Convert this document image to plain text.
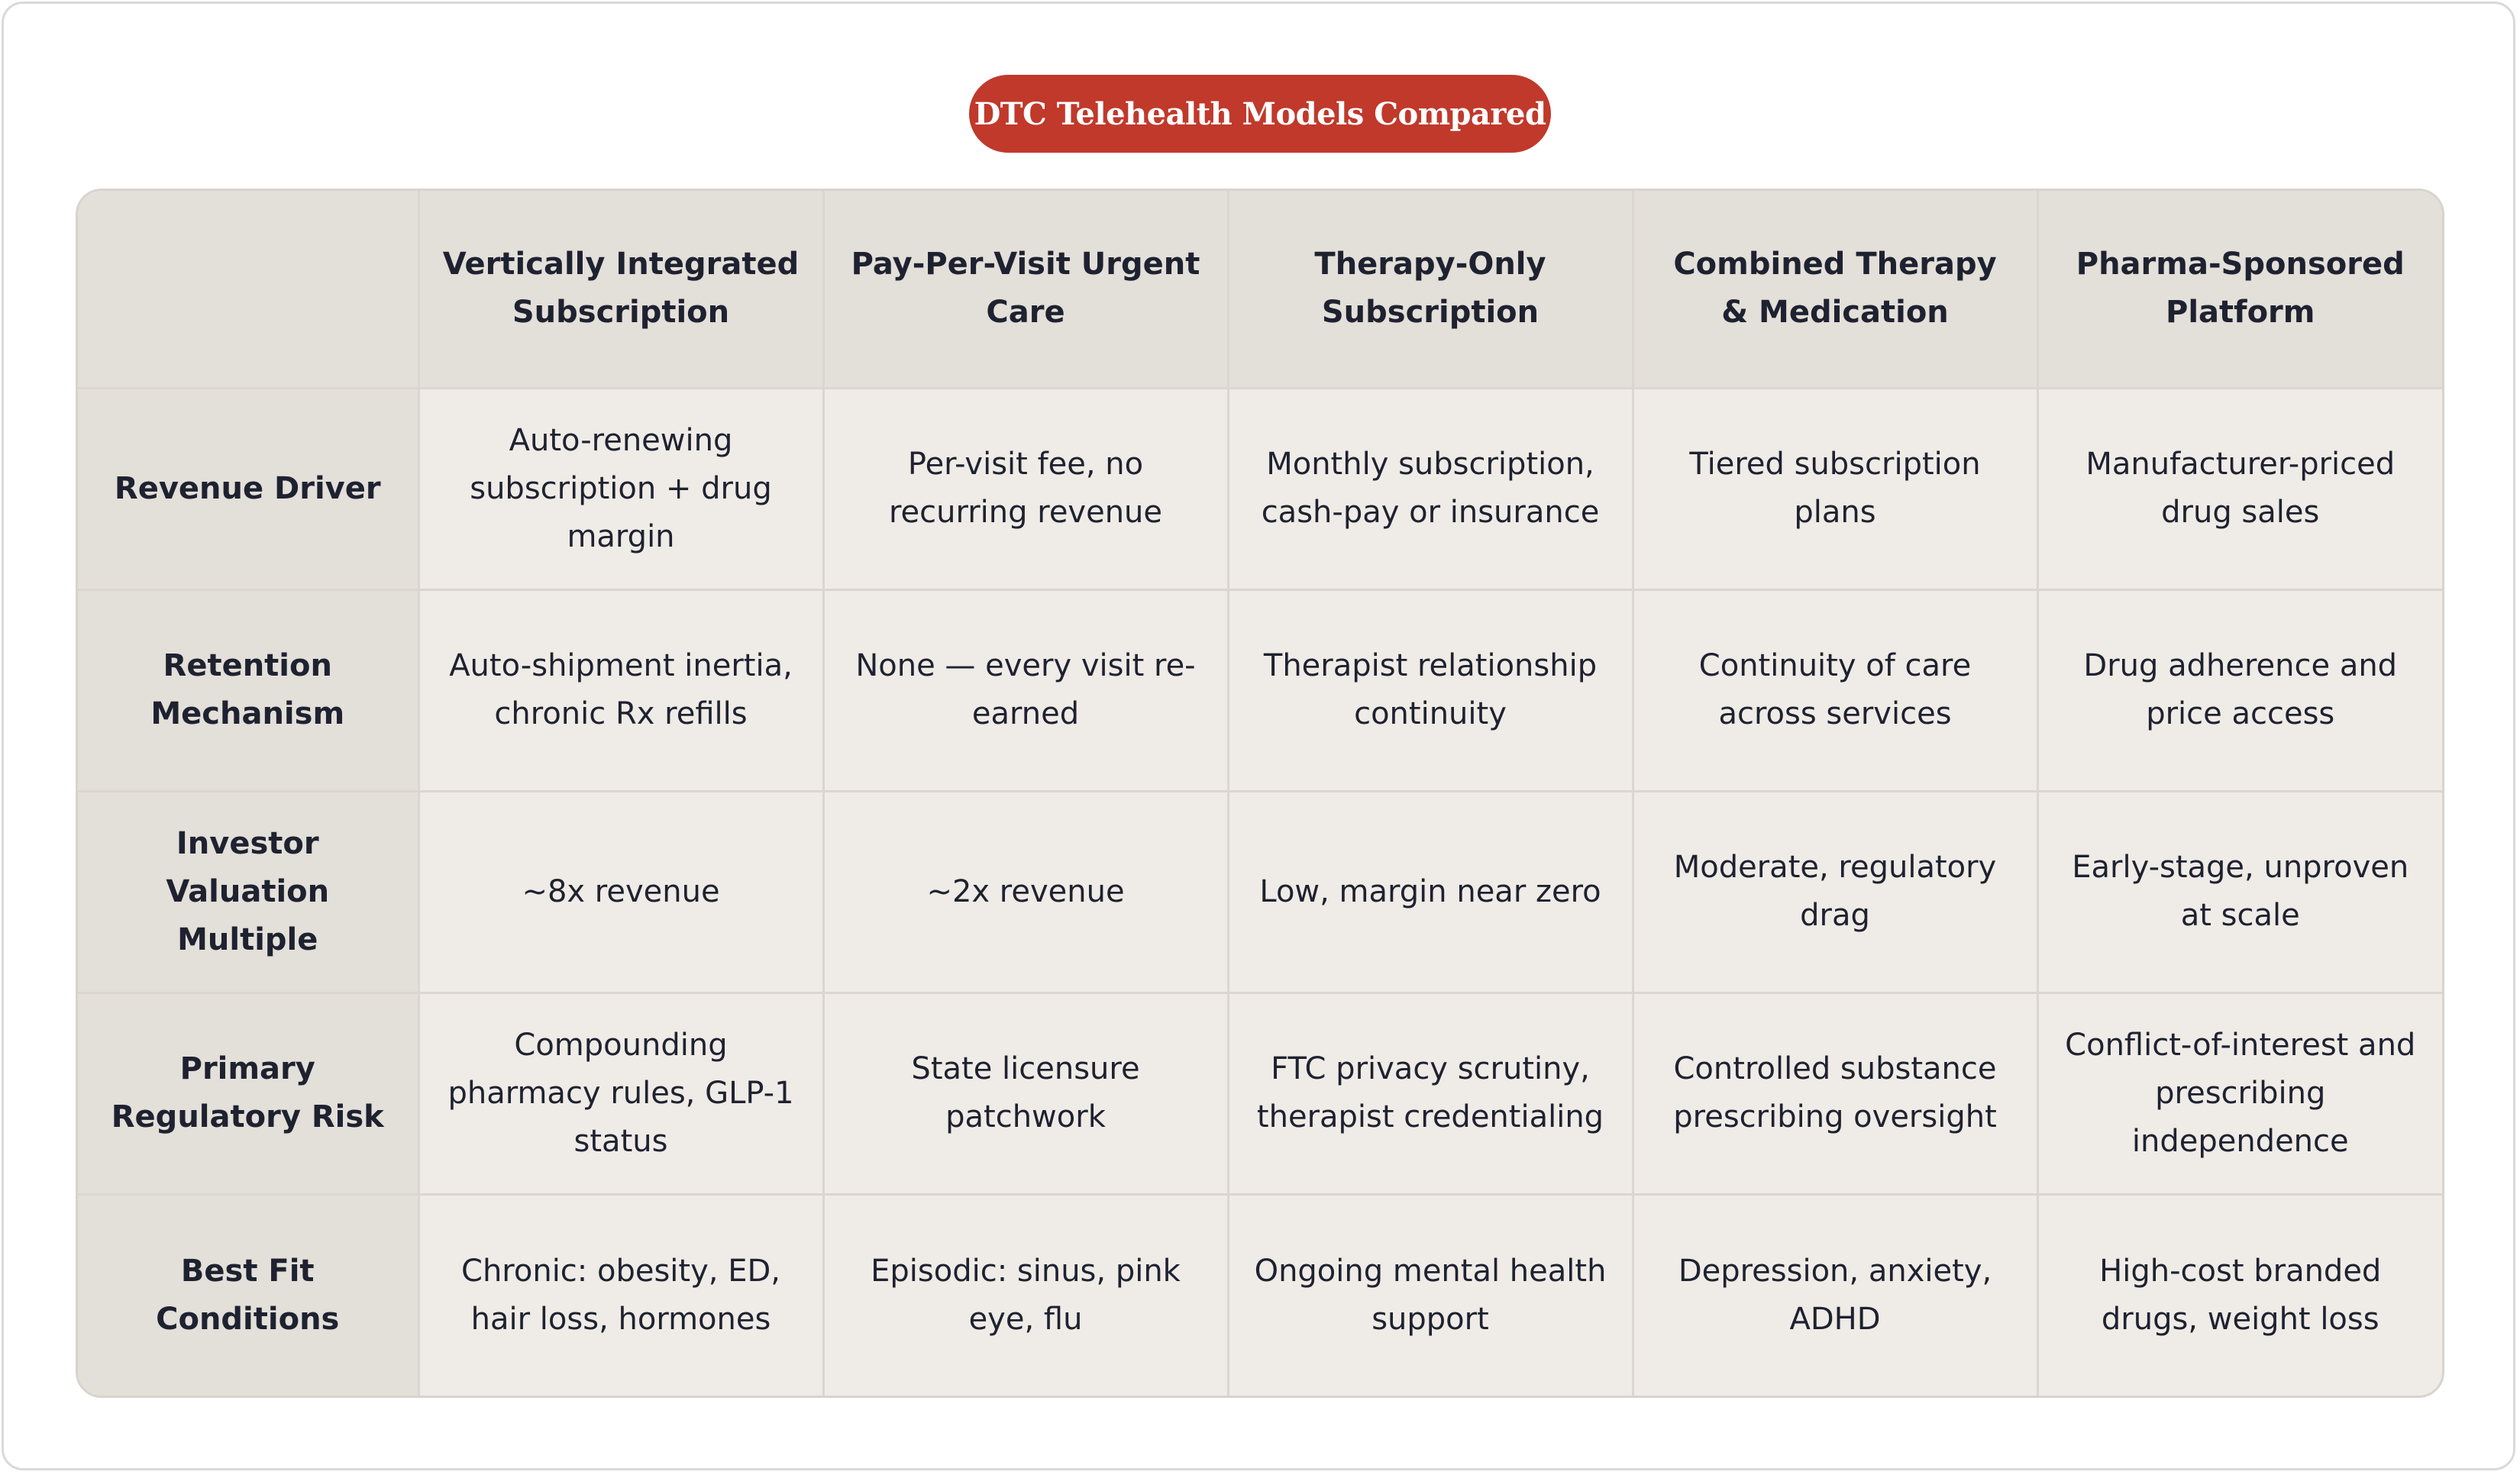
DTC Telehealth Models Compared
	Vertically Integrated Subscription	Pay-Per-Visit Urgent Care	Therapy-Only Subscription	Combined Therapy & Medication	Pharma-Sponsored Platform
Revenue Driver	Auto-renewing subscription + drug margin	Per-visit fee, no recurring revenue	Monthly subscription, cash-pay or insurance	Tiered subscription plans	Manufacturer-priced drug sales
Retention Mechanism	Auto-shipment inertia, chronic Rx refills	None — every visit re-earned	Therapist relationship continuity	Continuity of care across services	Drug adherence and price access
Investor Valuation Multiple	~8x revenue	~2x revenue	Low, margin near zero	Moderate, regulatory drag	Early-stage, unproven at scale
Primary Regulatory Risk	Compounding pharmacy rules, GLP-1 status	State licensure patchwork	FTC privacy scrutiny, therapist credentialing	Controlled substance prescribing oversight	Conflict-of-interest and prescribing independence
Best Fit Conditions	Chronic: obesity, ED, hair loss, hormones	Episodic: sinus, pink eye, flu	Ongoing mental health support	Depression, anxiety, ADHD	High-cost branded drugs, weight loss
